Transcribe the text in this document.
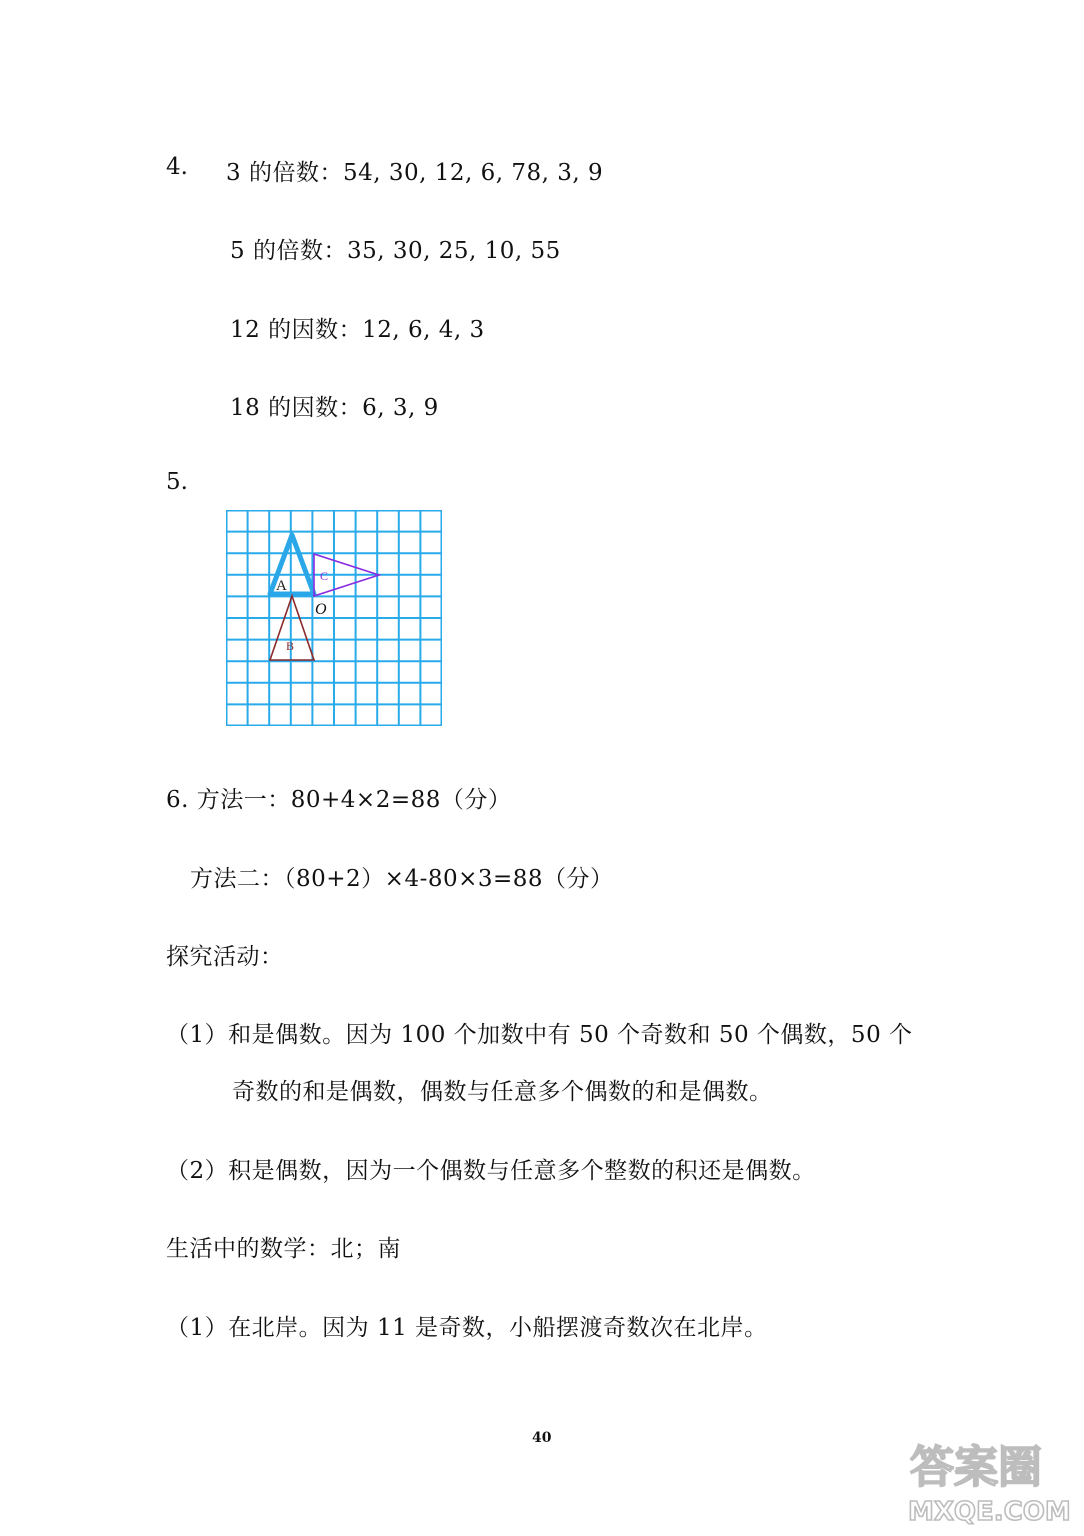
4. 3 的倍数：54, 30, 12, 6, 78, 3, 9
5 的倍数：35, 30, 25, 10, 55
12 的因数：12, 6, 4, 3
18 的因数：6, 3, 9
5.
A
B
C
O
6. 方法一：80+4×2=88（分）
方法二：（80+2）×4-80×3=88（分）
探究活动：
（1）和是偶数。因为 100 个加数中有 50 个奇数和 50 个偶数，50 个
奇数的和是偶数，偶数与任意多个偶数的和是偶数。
（2）积是偶数，因为一个偶数与任意多个整数的积还是偶数。
生活中的数学：北；南
（1）在北岸。因为 11 是奇数，小船摆渡奇数次在北岸。
40
答案圈
MXQE.COM
